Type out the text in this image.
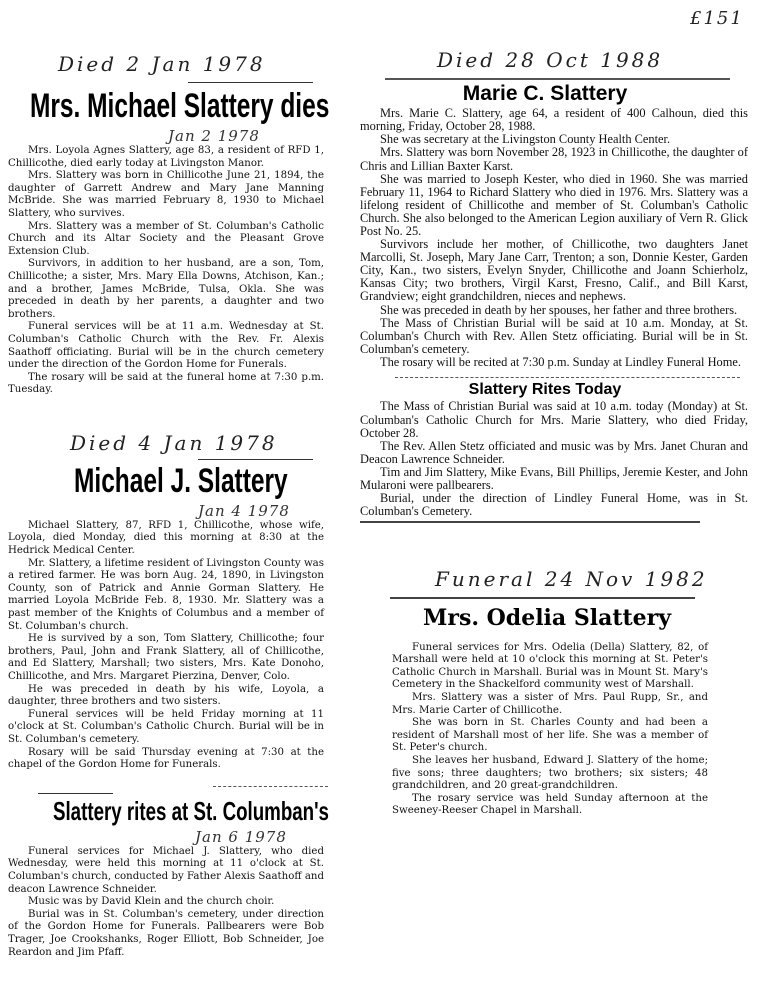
£151
Died 2 Jan 1978
Mrs. Michael Slattery dies
Jan 2 1978

Mrs. Loyola Agnes Slattery, age 83, a resident of RFD 1, Chillicothe, died early today at Livingston Manor.

Mrs. Slattery was born in Chillicothe June 21, 1894, the daughter of Garrett Andrew and Mary Jane Manning McBride. She was married February 8, 1930 to Michael Slattery, who survives.

Mrs. Slattery was a member of St. Columban's Catholic Church and its Altar Society and the Pleasant Grove Extension Club.

Survivors, in addition to her husband, are a son, Tom, Chillicothe; a sister, Mrs. Mary Ella Downs, Atchison, Kan.; and a brother, James McBride, Tulsa, Okla. She was preceded in death by her parents, a daughter and two brothers.

Funeral services will be at 11 a.m. Wednesday at St. Columban's Catholic Church with the Rev. Fr. Alexis Saathoff officiating. Burial will be in the church cemetery under the direction of the Gordon Home for Funerals.

The rosary will be said at the funeral home at 7:30 p.m. Tuesday.

Died 4 Jan 1978
Michael J. Slattery
Jan 4 1978

Michael Slattery, 87, RFD 1, Chillicothe, whose wife, Loyola, died Monday, died this morning at 8:30 at the Hedrick Medical Center.

Mr. Slattery, a lifetime resident of Livingston County was a retired farmer. He was born Aug. 24, 1890, in Livingston County, son of Patrick and Annie Gorman Slattery. He married Loyola McBride Feb. 8, 1930. Mr. Slattery was a past member of the Knights of Columbus and a member of St. Columban's church.

He is survived by a son, Tom Slattery, Chillicothe; four brothers, Paul, John and Frank Slattery, all of Chillicothe, and Ed Slattery, Marshall; two sisters, Mrs. Kate Donoho, Chillicothe, and Mrs. Margaret Pierzina, Denver, Colo.

He was preceded in death by his wife, Loyola, a daughter, three brothers and two sisters.

Funeral services will be held Friday morning at 11 o'clock at St. Columban's Catholic Church. Burial will be in St. Columban's cemetery.

Rosary will be said Thursday evening at 7:30 at the chapel of the Gordon Home for Funerals.

Slattery rites at St. Columban's
Jan 6 1978

Funeral services for Michael J. Slattery, who died Wednesday, were held this morning at 11 o'clock at St. Columban's church, conducted by Father Alexis Saathoff and deacon Lawrence Schneider.

Music was by David Klein and the church choir.

Burial was in St. Columban's cemetery, under direction of the Gordon Home for Funerals. Pallbearers were Bob Trager, Joe Crookshanks, Roger Elliott, Bob Schneider, Joe Reardon and Jim Pfaff.

Died 28 Oct 1988
Marie C. Slattery

Mrs. Marie C. Slattery, age 64, a resident of 400 Calhoun, died this morning, Friday, October 28, 1988.

She was secretary at the Livingston County Health Center.

Mrs. Slattery was born November 28, 1923 in Chillicothe, the daughter of Chris and Lillian Baxter Karst.

She was married to Joseph Kester, who died in 1960. She was married February 11, 1964 to Richard Slattery who died in 1976. Mrs. Slattery was a lifelong resident of Chillicothe and member of St. Columban's Catholic Church. She also belonged to the American Legion auxiliary of Vern R. Glick Post No. 25.

Survivors include her mother, of Chillicothe, two daughters Janet Marcolli, St. Joseph, Mary Jane Carr, Trenton; a son, Donnie Kester, Garden City, Kan., two sisters, Evelyn Snyder, Chillicothe and Joann Schierholz, Kansas City; two brothers, Virgil Karst, Fresno, Calif., and Bill Karst, Grandview; eight grandchildren, nieces and nephews.

She was preceded in death by her spouses, her father and three brothers.

The Mass of Christian Burial will be said at 10 a.m. Monday, at St. Columban's Church with Rev. Allen Stetz officiating. Burial will be in St. Columban's cemetery.

The rosary will be recited at 7:30 p.m. Sunday at Lindley Funeral Home.

Slattery Rites Today

The Mass of Christian Burial was said at 10 a.m. today (Monday) at St. Columban's Catholic Church for Mrs. Marie Slattery, who died Friday, October 28.

The Rev. Allen Stetz officiated and music was by Mrs. Janet Churan and Deacon Lawrence Schneider.

Tim and Jim Slattery, Mike Evans, Bill Phillips, Jeremie Kester, and John Mularoni were pallbearers.

Burial, under the direction of Lindley Funeral Home, was in St. Columban's Cemetery.

Funeral 24 Nov 1982
Mrs. Odelia Slattery

Funeral services for Mrs. Odelia (Della) Slattery, 82, of Marshall were held at 10 o'clock this morning at St. Peter's Catholic Church in Marshall. Burial was in Mount St. Mary's Cemetery in the Shackelford community west of Marshall.

Mrs. Slattery was a sister of Mrs. Paul Rupp, Sr., and Mrs. Marie Carter of Chillicothe.

She was born in St. Charles County and had been a resident of Marshall most of her life. She was a member of St. Peter's church.

She leaves her husband, Edward J. Slattery of the home; five sons; three daughters; two brothers; six sisters; 48 grandchildren, and 20 great-grandchildren.

The rosary service was held Sunday afternoon at the Sweeney-Reeser Chapel in Marshall.
